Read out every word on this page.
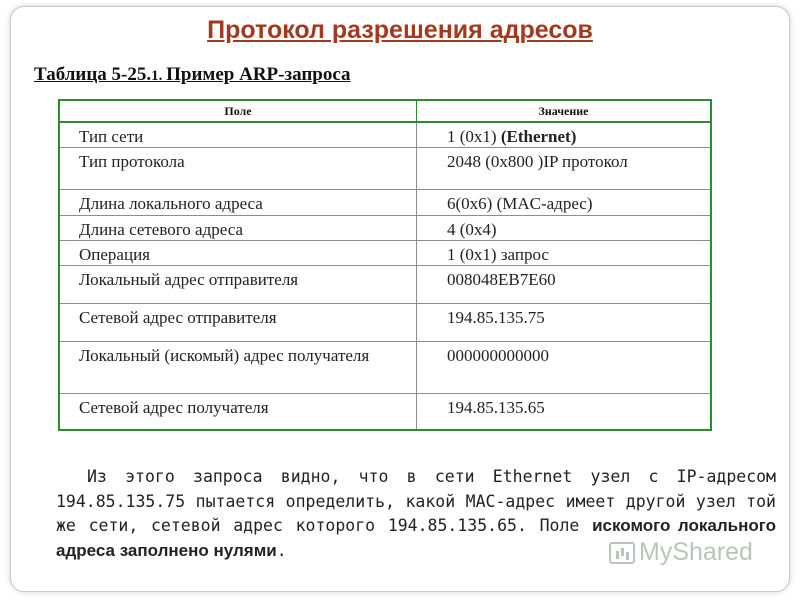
Протокол разрешения адресов
Таблица 5-25.1. Пример ARP-запроса
Поле	Значение
Тип сети	1 (0x1) (Ethernet)
Тип протокола	2048 (0x800 )IP протокол
Длина локального адреса	6(0x6) (MAC-адрес)
Длина сетевого адреса	4 (0x4)
Операция	1 (0x1) запрос
Локальный адрес отправителя	008048EB7E60
Сетевой адрес отправителя	194.85.135.75
Локальный (искомый) адрес получателя	000000000000
Сетевой адрес получателя	194.85.135.65
Из этого запроса видно, что в сети Ethernet узел с IP-адресом 194.85.135.75 пытается определить, какой MAC-адрес имеет другой узел той же сети, сетевой адрес которого 194.85.135.65. Поле искомого локального адреса заполнено нулями.	MyShared
